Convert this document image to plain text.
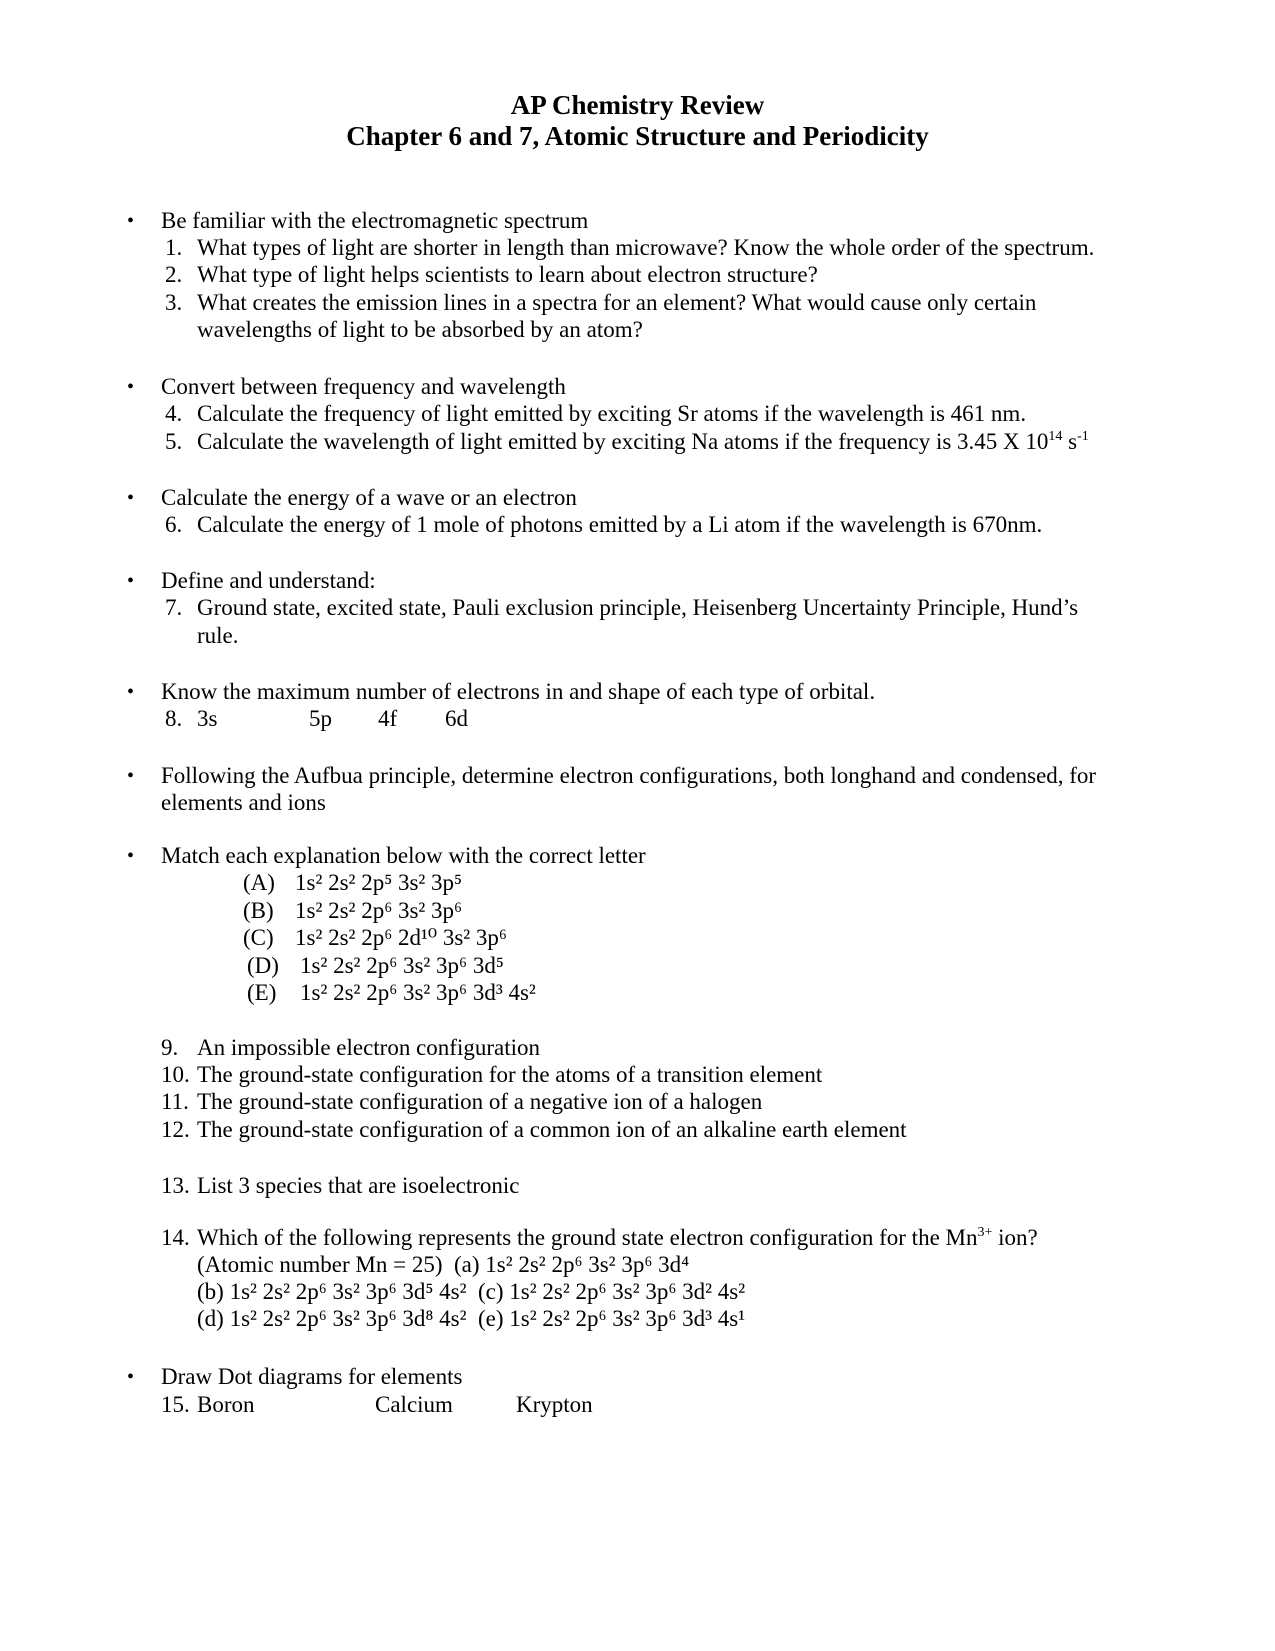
AP Chemistry Review
Chapter 6 and 7, Atomic Structure and Periodicity
• Be familiar with the electromagnetic spectrum
1. What types of light are shorter in length than microwave? Know the whole order of the spectrum.
2. What type of light helps scientists to learn about electron structure?
3. What creates the emission lines in a spectra for an element? What would cause only certain
wavelengths of light to be absorbed by an atom?
• Convert between frequency and wavelength
4. Calculate the frequency of light emitted by exciting Sr atoms if the wavelength is 461 nm.
5. Calculate the wavelength of light emitted by exciting Na atoms if the frequency is 3.45 X $10^{14}$ $s^{-1}$
• Calculate the energy of a wave or an electron
6. Calculate the energy of 1 mole of photons emitted by a Li atom if the wavelength is 670nm.
• Define and understand:
7. Ground state, excited state, Pauli exclusion principle, Heisenberg Uncertainty Principle, Hund’s
rule.
• Know the maximum number of electrons in and shape of each type of orbital.
8. 3s	5p 4f 6d
• Following the Aufbua principle, determine electron configurations, both longhand and condensed, for
elements and ions
• Match each explanation below with the correct letter
(A) 1s² 2s² 2p⁵ 3s² 3p⁵
(B) 1s² 2s² 2p⁶ 3s² 3p⁶
(C) 1s² 2s² 2p⁶ 2d¹⁰ 3s² 3p⁶
(D) 1s² 2s² 2p⁶ 3s² 3p⁶ 3d⁵
(E) 1s² 2s² 2p⁶ 3s² 3p⁶ 3d³ 4s²
9. An impossible electron configuration
10. The ground-state configuration for the atoms of a transition element
11. The ground-state configuration of a negative ion of a halogen
12. The ground-state configuration of a common ion of an alkaline earth element
13. List 3 species that are isoelectronic
14. Which of the following represents the ground state electron configuration for the $Mn^{3+}$ ion?
(Atomic number Mn = 25)  (a) 1s² 2s² 2p⁶ 3s² 3p⁶ 3d⁴
(b) 1s² 2s² 2p⁶ 3s² 3p⁶ 3d⁵ 4s²  (c) 1s² 2s² 2p⁶ 3s² 3p⁶ 3d² 4s²
(d) 1s² 2s² 2p⁶ 3s² 3p⁶ 3d⁸ 4s²  (e) 1s² 2s² 2p⁶ 3s² 3p⁶ 3d³ 4s¹
• Draw Dot diagrams for elements
15. Boron	Calcium	Krypton
